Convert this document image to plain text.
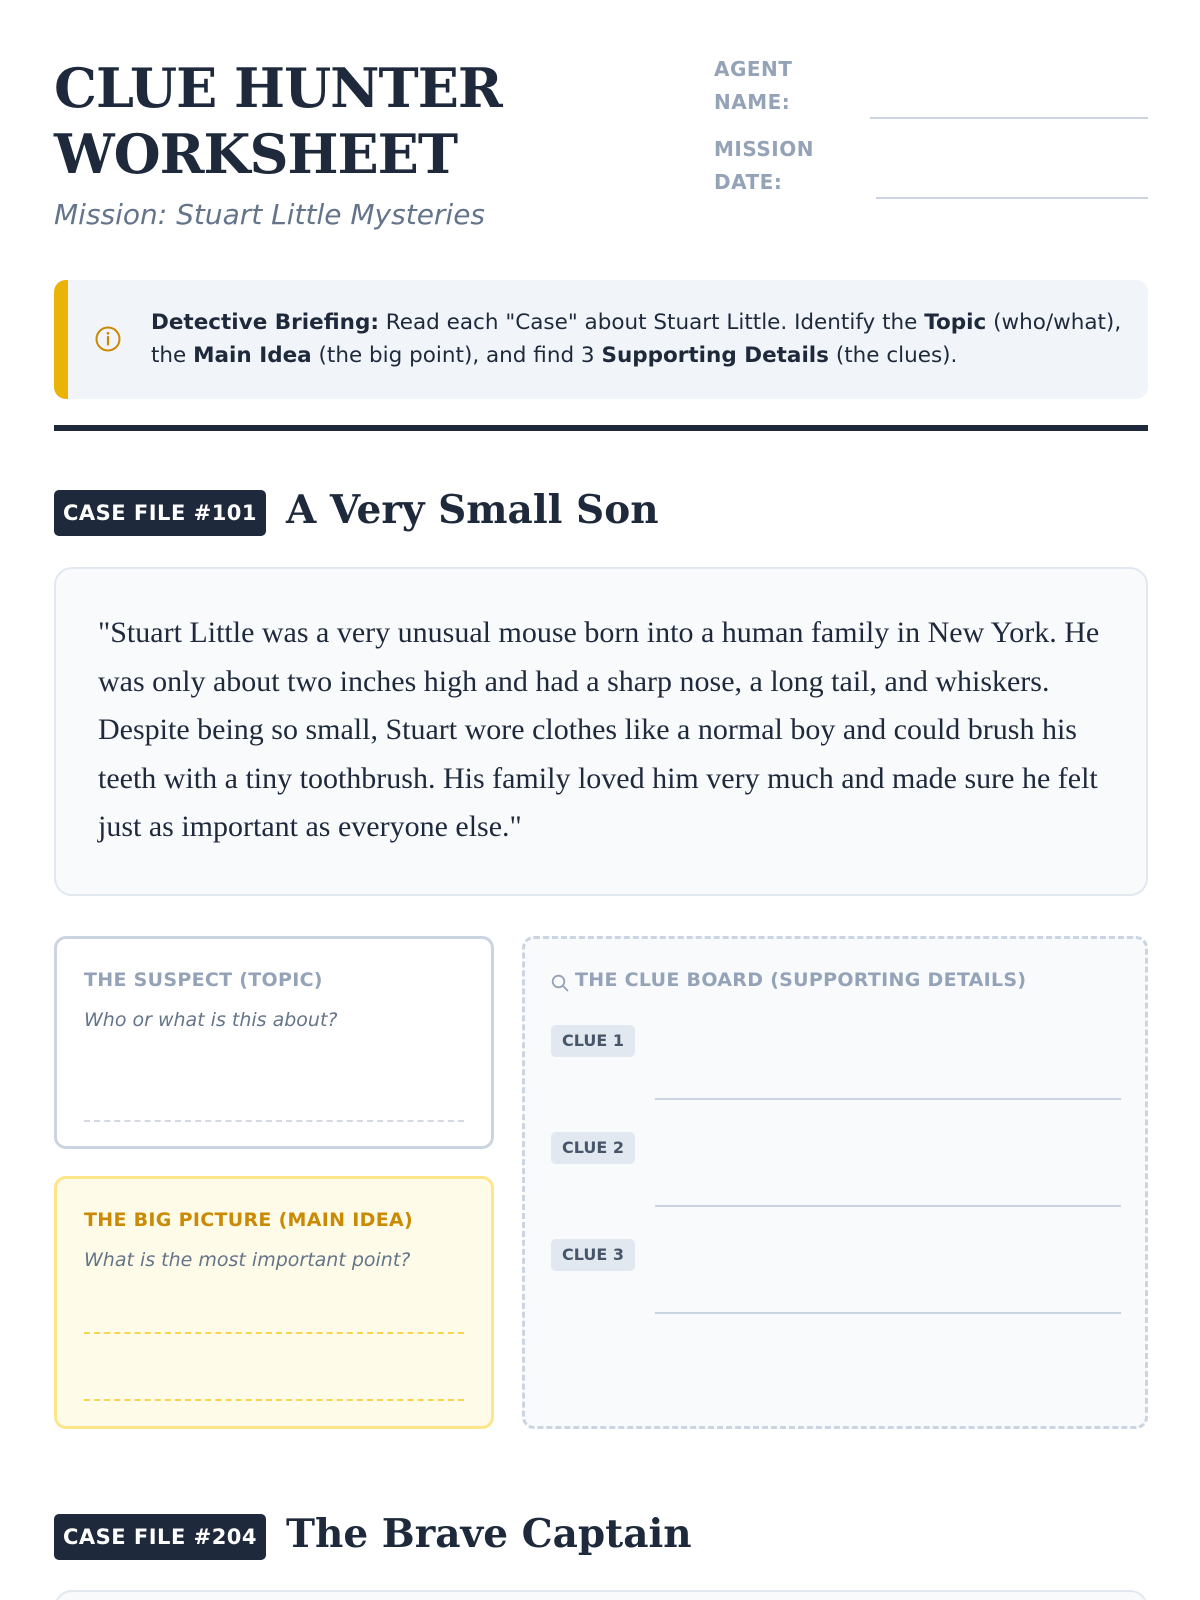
CLUE HUNTER
WORKSHEET
Mission: Stuart Little Mysteries
AGENT
NAME:
MISSION
DATE:
Detective Briefing: Read each "Case" about Stuart Little. Identify the Topic (who/what), the Main Idea (the big point), and find 3 Supporting Details (the clues).
CASE FILE #101 A Very Small Son

"Stuart Little was a very unusual mouse born into a human family in New York. He was only about two inches high and had a sharp nose, a long tail, and whiskers. Despite being so small, Stuart wore clothes like a normal boy and could brush his teeth with a tiny toothbrush. His family loved him very much and made sure he felt just as important as everyone else."

THE SUSPECT (TOPIC)
Who or what is this about?
THE BIG PICTURE (MAIN IDEA)
What is the most important point?
THE CLUE BOARD (SUPPORTING DETAILS)
CLUE 1
CLUE 2
CLUE 3
CASE FILE #204 The Brave Captain
